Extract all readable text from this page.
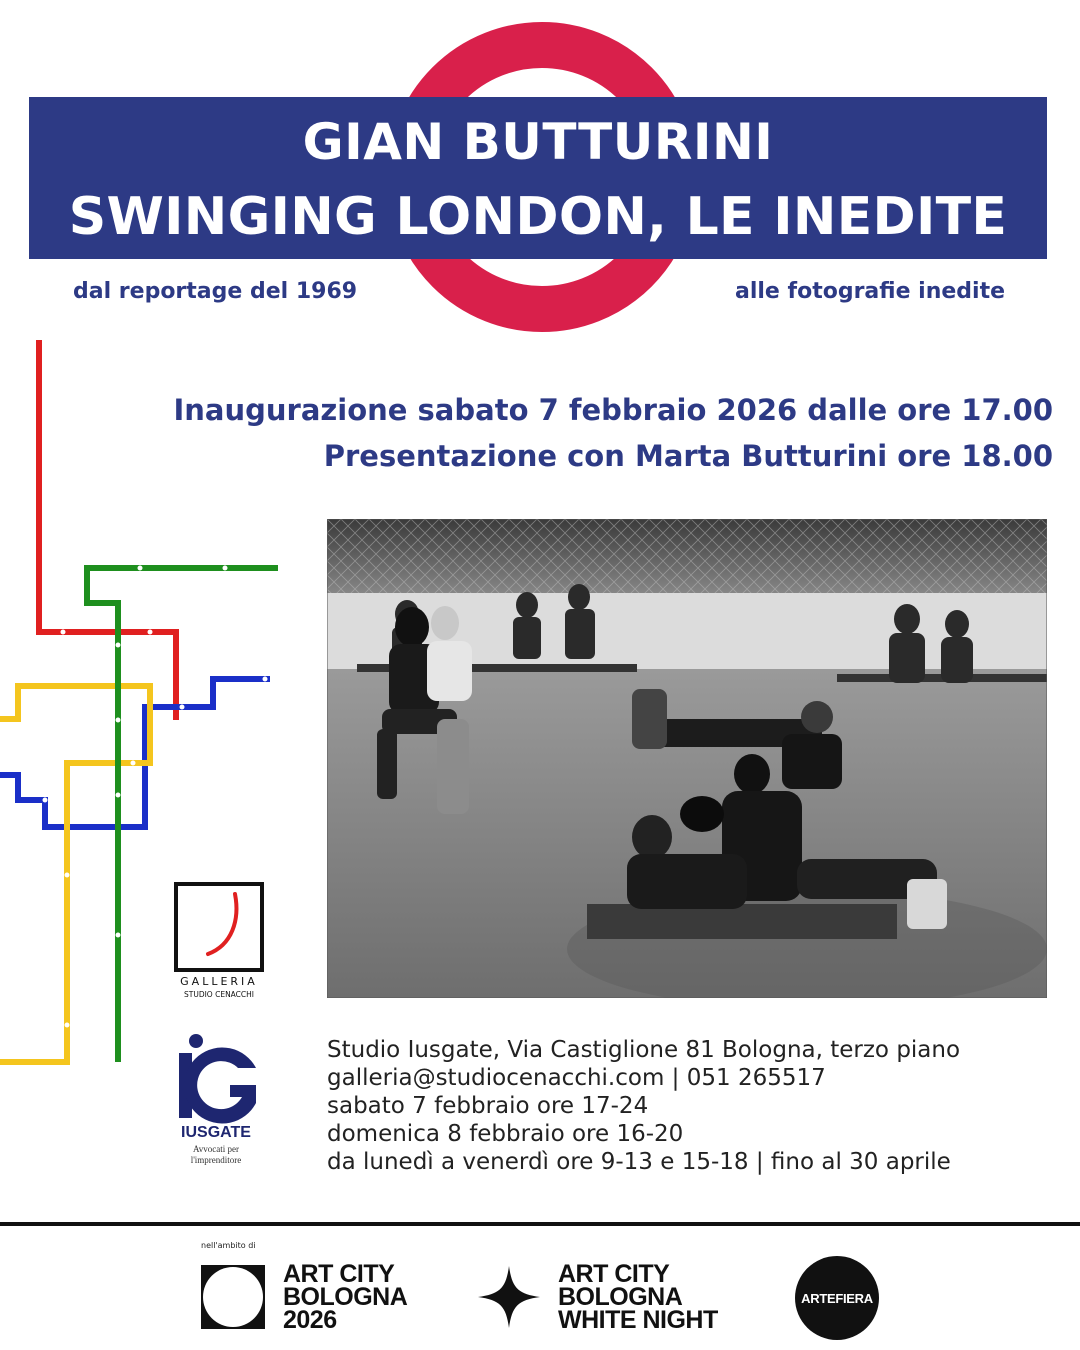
GIAN BUTTURINI
SWINGING LONDON, LE INEDITE
dal reportage del 1969	alle fotografie inedite
Inaugurazione sabato 7 febbraio 2026 dalle ore 17.00
Presentazione con Marta Butturini ore 18.00
GALLERIA
STUDIO CENACCHI
IUSGATE
Avvocati per
l'imprenditore
Studio Iusgate, Via Castiglione 81 Bologna, terzo piano
galleria@studiocenacchi.com | 051 265517
sabato 7 febbraio ore 17-24
domenica 8 febbraio ore 16-20
da lunedì a venerdì ore 9-13 e 15-18 | fino al 30 aprile
nell'ambito di
ART CITY
BOLOGNA
2026
ART CITY
BOLOGNA
WHITE NIGHT
ARTEFIERA
